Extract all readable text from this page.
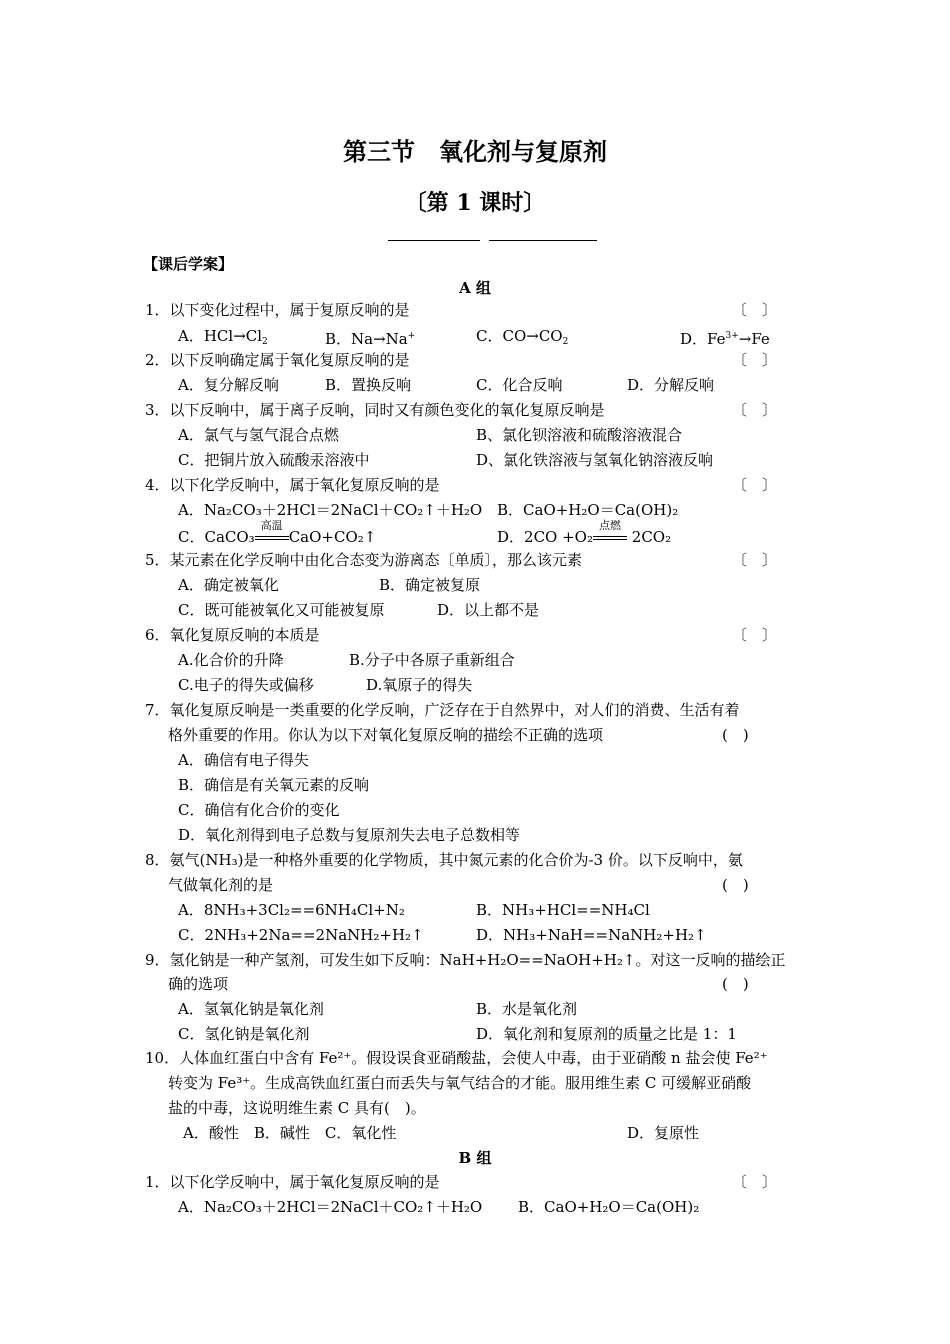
第三节　氧化剂与复原剂
〔第 1 课时〕
【课后学案】
A 组
1．以下变化过程中，属于复原反响的是	〔　〕
A．$HCl\to Cl_2$	B．Na→Na+	C．$CO\to CO_2$	D．$Fe^{3+}\to Fe$
2．以下反响确定属于氧化复原反响的是	〔　〕
A．复分解反响	B．置换反响	C．化合反响	D．分解反响
3．以下反响中，属于离子反响，同时又有颜色变化的氧化复原反响是	〔　〕
A．氯气与氢气混合点燃	B、氯化钡溶液和硫酸溶液混合
C．把铜片放入硫酸汞溶液中	D、氯化铁溶液与氢氧化钠溶液反响
4．以下化学反响中，属于氧化复原反响的是	〔　〕
A．Na₂CO₃＋2HCl＝2NaCl＋CO₂↑＋H₂O B．CaO+H₂O＝Ca(OH)₂
C．CaCO₃
高温
CaO+CO₂↑	D．2CO +O₂
点燃
2CO₂
5．某元素在化学反响中由化合态变为游离态〔单质〕，那么该元素	〔　〕
A．确定被氧化	B．确定被复原
C．既可能被氧化又可能被复原	D．以上都不是
6．氧化复原反响的本质是	〔　〕
A.化合价的升降	B.分子中各原子重新组合
C.电子的得失或偏移	D.氧原子的得失
7．氧化复原反响是一类重要的化学反响，广泛存在于自然界中，对人们的消费、生活有着
格外重要的作用。你认为以下对氧化复原反响的描绘不正确的选项	(　)
A．确信有电子得失
B．确信是有关氧元素的反响
C．确信有化合价的变化
D．氧化剂得到电子总数与复原剂失去电子总数相等
8．氨气(NH₃)是一种格外重要的化学物质，其中氮元素的化合价为-3 价。以下反响中，氨
气做氧化剂的是	(　)
A．8NH₃+3Cl₂==6NH₄Cl+N₂	B．NH₃+HCl==NH₄Cl
C．2NH₃+2Na==2NaNH₂+H₂↑	D．NH₃+NaH==NaNH₂+H₂↑
9．氢化钠是一种产氢剂，可发生如下反响：NaH+H₂O==NaOH+H₂↑。对这一反响的描绘正
确的选项	(　)
A．氢氧化钠是氧化剂	B．水是氧化剂
C．氢化钠是氧化剂	D．氧化剂和复原剂的质量之比是 1：1
10．人体血红蛋白中含有 Fe²⁺。假设误食亚硝酸盐，会使人中毒，由于亚硝酸 n 盐会使 Fe²⁺
转变为 Fe³⁺。生成高铁血红蛋白而丢失与氧气结合的才能。服用维生素 C 可缓解亚硝酸
盐的中毒，这说明维生素 C 具有(　)。
A．酸性　B．碱性　C．氧化性	D．复原性
B 组
1．以下化学反响中，属于氧化复原反响的是	〔　〕
A．Na₂CO₃＋2HCl＝2NaCl＋CO₂↑＋H₂O B．CaO+H₂O＝Ca(OH)₂
